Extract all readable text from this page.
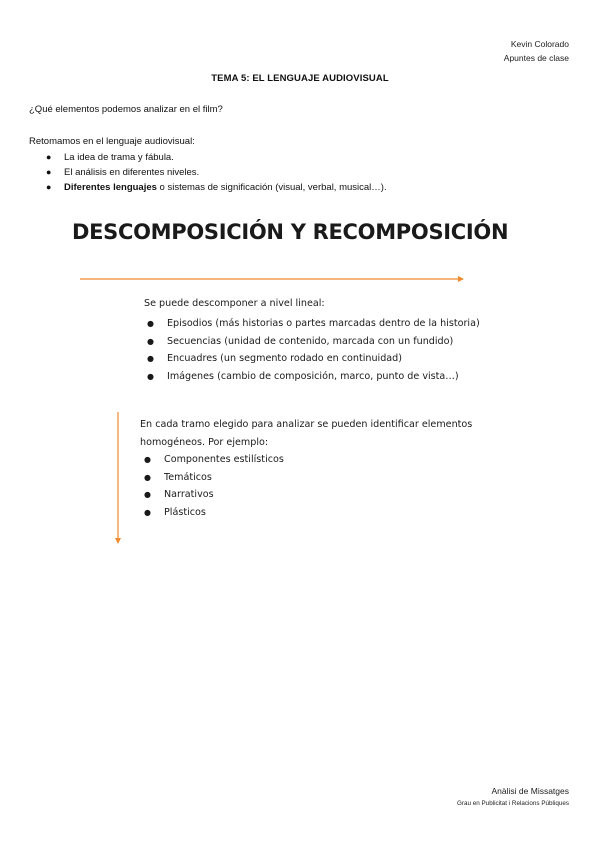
Kevin Colorado
Apuntes de clase
TEMA 5: EL LENGUAJE AUDIOVISUAL
¿Qué elementos podemos analizar en el film?
Retomamos en el lenguaje audiovisual:
● La idea de trama y fábula.
● El análisis en diferentes niveles.
● Diferentes lenguajes o sistemas de significación (visual, verbal, musical…).
DESCOMPOSICIÓN Y RECOMPOSICIÓN
Se puede descomponer a nivel lineal:
● Episodios (más historias o partes marcadas dentro de la historia)
● Secuencias (unidad de contenido, marcada con un fundido)
● Encuadres (un segmento rodado en continuidad)
● Imágenes (cambio de composición, marco, punto de vista…)
En cada tramo elegido para analizar se pueden identificar elementos
homogéneos. Por ejemplo:
● Componentes estilísticos
● Temáticos
● Narrativos
● Plásticos
Anàlisi de Missatges
Grau en Publicitat i Relacions Públiques
